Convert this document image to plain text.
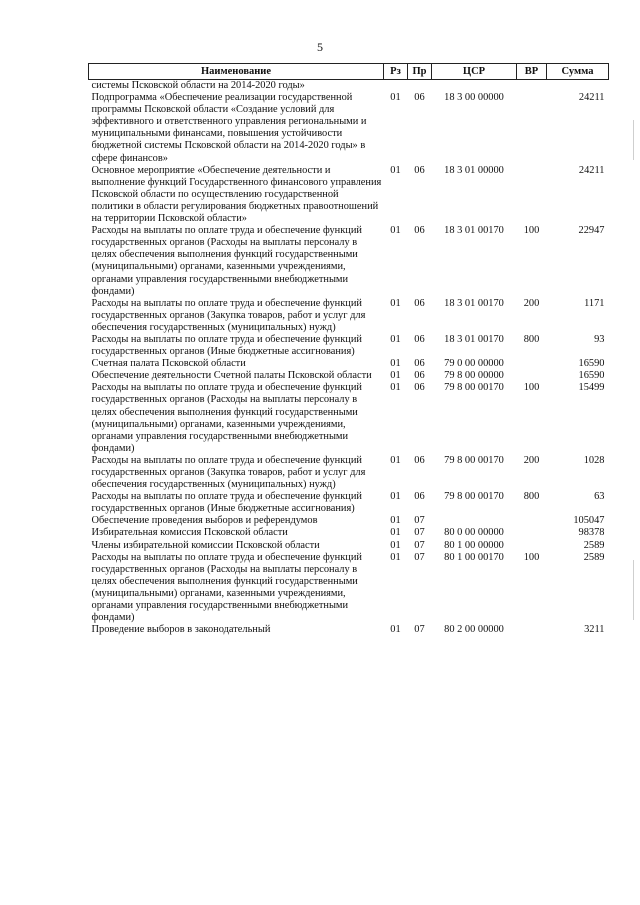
5
Наименование	Рз	Пр	ЦСР	ВР	Сумма
системы Псковской области на 2014-2020 годы»					
Подпрограмма «Обеспечение реализации государственной программы Псковской области «Создание условий для эффективного и ответственного управления региональными и муниципальными финансами, повышения устойчивости бюджетной системы Псковской области на 2014-2020 годы» в сфере финансов»	01	06	18 3 00 00000		24211
Основное мероприятие «Обеспечение деятельности и выполнение функций Государственного финансового управления Псковской области по осуществлению государственной политики в области регулирования бюджетных правоотношений на территории Псковской области»	01	06	18 3 01 00000		24211
Расходы на выплаты по оплате труда и обеспечение функций государственных органов (Расходы на выплаты персоналу в целях обеспечения выполнения функций государственными (муниципальными) органами, казенными учреждениями, органами управления государственными внебюджетными фондами)	01	06	18 3 01 00170	100	22947
Расходы на выплаты по оплате труда и обеспечение функций государственных органов (Закупка товаров, работ и услуг для обеспечения государственных (муниципальных) нужд)	01	06	18 3 01 00170	200	1171
Расходы на выплаты по оплате труда и обеспечение функций государственных органов (Иные бюджетные ассигнования)	01	06	18 3 01 00170	800	93
Счетная палата Псковской области	01	06	79 0 00 00000		16590
Обеспечение деятельности Счетной палаты Псковской области	01	06	79 8 00 00000		16590
Расходы на выплаты по оплате труда и обеспечение функций государственных органов (Расходы на выплаты персоналу в целях обеспечения выполнения функций государственными (муниципальными) органами, казенными учреждениями, органами управления государственными внебюджетными фондами)	01	06	79 8 00 00170	100	15499
Расходы на выплаты по оплате труда и обеспечение функций государственных органов (Закупка товаров, работ и услуг для обеспечения государственных (муниципальных) нужд)	01	06	79 8 00 00170	200	1028
Расходы на выплаты по оплате труда и обеспечение функций государственных органов (Иные бюджетные ассигнования)	01	06	79 8 00 00170	800	63
Обеспечение проведения выборов и референдумов	01	07			105047
Избирательная комиссия Псковской области	01	07	80 0 00 00000		98378
Члены избирательной комиссии Псковской области	01	07	80 1 00 00000		2589
Расходы на выплаты по оплате труда и обеспечение функций государственных органов (Расходы на выплаты персоналу в целях обеспечения выполнения функций государственными (муниципальными) органами, казенными учреждениями, органами управления государственными внебюджетными фондами)	01	07	80 1 00 00170	100	2589
Проведение выборов в законодательный	01	07	80 2 00 00000		3211
